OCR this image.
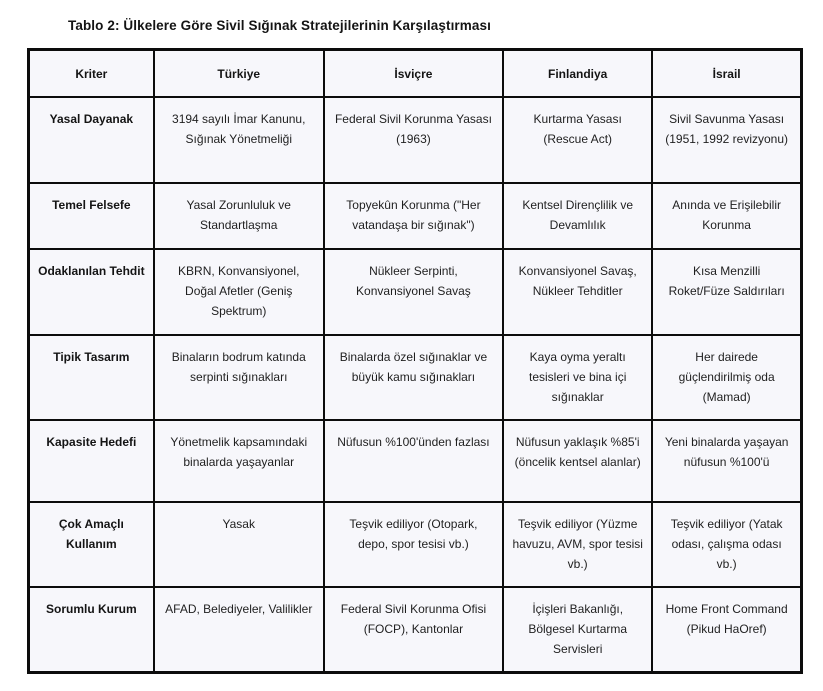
Tablo 2: Ülkelere Göre Sivil Sığınak Stratejilerinin Karşılaştırması
Kriter	Türkiye	İsviçre	Finlandiya	İsrail
Yasal Dayanak	3194 sayılı İmar Kanunu, Sığınak Yönetmeliği	Federal Sivil Korunma Yasası (1963)	Kurtarma Yasası (Rescue Act)	Sivil Savunma Yasası (1951, 1992 revizyonu)
Temel Felsefe	Yasal Zorunluluk ve Standartlaşma	Topyekûn Korunma ("Her vatandaşa bir sığınak")	Kentsel Dirençlilik ve Devamlılık	Anında ve Erişilebilir Korunma
Odaklanılan Tehdit	KBRN, Konvansiyonel, Doğal Afetler (Geniş Spektrum)	Nükleer Serpinti, Konvansiyonel Savaş	Konvansiyonel Savaş, Nükleer Tehditler	Kısa Menzilli Roket/Füze Saldırıları
Tipik Tasarım	Binaların bodrum katında serpinti sığınakları	Binalarda özel sığınaklar ve büyük kamu sığınakları	Kaya oyma yeraltı tesisleri ve bina içi sığınaklar	Her dairede güçlendirilmiş oda (Mamad)
Kapasite Hedefi	Yönetmelik kapsamındaki binalarda yaşayanlar	Nüfusun %100'ünden fazlası	Nüfusun yaklaşık %85'i (öncelik kentsel alanlar)	Yeni binalarda yaşayan nüfusun %100'ü
Çok Amaçlı Kullanım	Yasak	Teşvik ediliyor (Otopark, depo, spor tesisi vb.)	Teşvik ediliyor (Yüzme havuzu, AVM, spor tesisi vb.)	Teşvik ediliyor (Yatak odası, çalışma odası vb.)
Sorumlu Kurum	AFAD, Belediyeler, Valilikler	Federal Sivil Korunma Ofisi (FOCP), Kantonlar	İçişleri Bakanlığı, Bölgesel Kurtarma Servisleri	Home Front Command (Pikud HaOref)
